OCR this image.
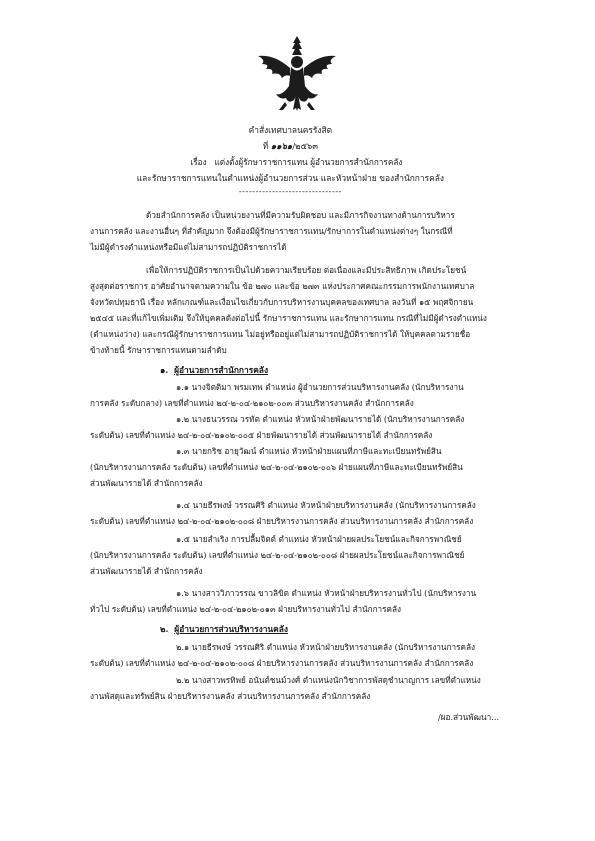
คำสั่งเทศบาลนครรังสิต
ที่ ๑๑๖๑/๒๕๖๓
เรื่อง แต่งตั้งผู้รักษาราชการแทน ผู้อำนวยการสำนักการคลัง
และรักษาราชการแทนในตำแหน่งผู้อำนวยการส่วน และหัวหน้าฝ่าย ของสำนักการคลัง
-------------------------------
ด้วยสำนักการคลัง เป็นหน่วยงานที่มีความรับผิดชอบ และมีภารกิจงานทางด้านการบริหาร
งานการคลัง และงานอื่นๆ ที่สำคัญมาก จึงต้องมีผู้รักษาราชการแทน/รักษาการในตำแหน่งต่างๆ ในกรณีที่
ไม่มีผู้ดำรงตำแหน่งหรือมีแต่ไม่สามารถปฏิบัติราชการได้
เพื่อให้การปฏิบัติราชการเป็นไปด้วยความเรียบร้อย ต่อเนื่องและมีประสิทธิภาพ เกิดประโยชน์
สูงสุดต่อราชการ อาศัยอำนาจตามความใน ข้อ ๒๗๐ และข้อ ๒๗๓ แห่งประกาศคณะกรรมการพนักงานเทศบาล
จังหวัดปทุมธานี เรื่อง หลักเกณฑ์และเงื่อนไขเกี่ยวกับการบริหารงานบุคคลของเทศบาล ลงวันที่ ๑๕ พฤศจิกายน
๒๕๔๕ และที่แก้ไขเพิ่มเติม จึงให้บุคคลดังต่อไปนี้ รักษาราชการแทน และรักษาการแทน กรณีที่ไม่มีผู้ดำรงตำแหน่ง
(ตำแหน่งว่าง) และกรณีผู้รักษาราชการแทน ไม่อยู่หรืออยู่แต่ไม่สามารถปฏิบัติราชการได้ ให้บุคคลตามรายชื่อ
ข้างท้ายนี้ รักษาราชการแทนตามลำดับ
๑. ผู้อำนวยการสำนักการคลัง
๑.๑ นางจิตติมา พรมเทพ ตำแหน่ง ผู้อำนวยการส่วนบริหารงานคลัง (นักบริหารงาน
การคลัง ระดับกลาง) เลขที่ตำแหน่ง ๒๔-๒-๐๔-๒๑๐๒-๐๐๓ ส่วนบริหารงานคลัง สำนักการคลัง
๑.๒ นางธนวรรณ วรทัต ตำแหน่ง หัวหน้าฝ่ายพัฒนารายได้ (นักบริหารงานการคลัง
ระดับต้น) เลขที่ตำแหน่ง ๒๔-๒-๐๔-๒๑๐๒-๐๐๕ ฝ่ายพัฒนารายได้ ส่วนพัฒนารายได้ สำนักการคลัง
๑.๓ นายกริช อายุวัฒน์ ตำแหน่ง หัวหน้าฝ่ายแผนที่ภาษีและทะเบียนทรัพย์สิน
(นักบริหารงานการคลัง ระดับต้น) เลขที่ตำแหน่ง ๒๔-๒-๐๔-๒๑๐๒-๐๐๖ ฝ่ายแผนที่ภาษีและทะเบียนทรัพย์สิน
ส่วนพัฒนารายได้ สำนักการคลัง
๑.๔ นายธีรพงษ์ วรรณศิริ ตำแหน่ง หัวหน้าฝ่ายบริหารงานคลัง (นักบริหารงานการคลัง
ระดับต้น) เลขที่ตำแหน่ง ๒๔-๒-๐๔-๒๑๐๒-๐๐๘ ฝ่ายบริหารงานการคลัง ส่วนบริหารงานการคลัง สำนักการคลัง
๑.๕ นายสำเริง การปลื้มจิตต์ ตำแหน่ง หัวหน้าฝ่ายผลประโยชน์และกิจการพาณิชย์
(นักบริหารงานการคลัง ระดับต้น) เลขที่ตำแหน่ง ๒๔-๒-๐๔-๒๑๐๒-๐๐๘ ฝ่ายผลประโยชน์และกิจการพาณิชย์
ส่วนพัฒนารายได้ สำนักการคลัง
๑.๖ นางสาววิภาวรรณ ขาวลิขิต ตำแหน่ง หัวหน้าฝ่ายบริหารงานทั่วไป (นักบริหารงาน
ทั่วไป ระดับต้น) เลขที่ตำแหน่ง ๒๔-๒-๐๔-๒๑๐๒-๐๑๓ ฝ่ายบริหารงานทั่วไป สำนักการคลัง
๒. ผู้อำนวยการส่วนบริหารงานคลัง
๒.๑ นายธีรพงษ์ วรรณศิริ ตำแหน่ง หัวหน้าฝ่ายบริหารงานคลัง (นักบริหารงานการคลัง
ระดับต้น) เลขที่ตำแหน่ง ๒๔-๒-๐๔-๒๑๐๒-๐๐๘ ฝ่ายบริหารงานการคลัง ส่วนบริหารงานการคลัง สำนักการคลัง
๒.๒ นางสาวพรทิพย์ อนันต์ชนม์วงศ์ ตำแหน่งนักวิชาการพัสดุชำนาญการ เลขที่ตำแหน่ง
งานพัสดุและทรัพย์สิน ฝ่ายบริหารงานคลัง ส่วนบริหารงานการคลัง สำนักการคลัง
/ผอ.ส่วนพัฒนา...
